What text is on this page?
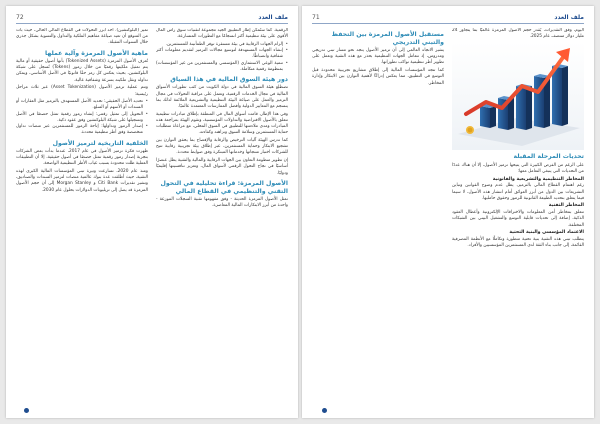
ملف العدد
72

الرقمية. كما ستُمكّن إطار التطبيق الجيد مجموعة لتقنيات سوق رأس المال الأقوى على بيئة تنظيمية أكثر انسجامًا مع التطورات المتسارعة.

• إلزام الجهات الرقابية في بيئة مستقرة توفر الطمأنينة للمستثمرين.
• إنشاء الجهات المستهدفة لتوسيع مجالات الترميز لتقديم معلومات أكثر شفافية وانضباطًا.
• تنمية الوعي الاستثماري (المؤسسي والمستثمرين من غير المؤسسات) بمنظومة رقمية متكاملة.
دور هيئة السوق المالية في هذا السياق

تضطلع هيئة السوق المالية في دولة الكويت من كثب تطورات الأسواق المالية في مجال الخدمات الرقمية، وتعمل على مراقبة التحولات في مجال الترميز والعمل على صياغة البيئة التنظيمية والتشريعية الملائمة لذلك بما ينسجم مع المعايير الدولية وأفضل الممارسات المعتمدة عالميًا.

وفي هذا الإطار، قامت أسواق المال في المنطقة بإطلاق مبادرات تنظيمية تتعلق بالأصول الافتراضية والتداولات المؤسسية، وتقوم الهيئة بمراجعة هذه المبادرات ومدى ملاءمتها للتطبيق في السوق المحلي، مع مراعاة متطلبات حماية المستثمرين وسلامة السوق ونزاهته وكفاءته.

كما تدرس الهيئة آليات الترخيص والرقابة والإفصاح بما يحقق التوازن بين تشجيع الابتكار وحماية المستثمرين، عبر إطلاق بيئة تجريبية رقابية تتيح للشركات اختبار منتجاتها وخدماتها المبتكرة وفق ضوابط محددة.

إن تطوير منظومة التعاون بين الجهات الرقابية والمالية والتقنية يظل عنصرًا أساسيًا في نجاح التحول الرقمي لأسواق المال، وتعزيز تنافسيتها إقليميًا ودوليًا.

الأصول المرمزة: قراءة تحليلية في التحول التقني والتنظيمي في القطاع المالي

تمثل الأصول المرمزة الحديثة - وفق مفهومها تقنية السجلات الموزعة - واحدة من أبرز الابتكارات المالية المعاصرة.

تميز (البلوكتشين). أحد أبرز التحولات في القطاع المالي الحالي، حيث بات من المتوقع أن تعيد صياغة مفاهيم الملكية والتداول والتسوية بشكل جذري خلال السنوات المقبلة.

ماهية الأصول المرمزة وآلية عملها

تُعرف الأصول المرمزة (Tokenized Assets) بأنها أصول حقيقية أو مالية يتم تمثيل ملكيتها رقميًا من خلال رموز (Tokens) تُسجل على شبكة البلوكتشين، بحيث يعكس كل رمز حقًا قانونيًا في الأصل الأساسي، ويمكن تداوله ونقل ملكيته بسرعة وشفافية عالية.

وتتم عملية ترميز الأصول (Asset Tokenization) عبر ثلاث مراحل رئيسية:

• تحديد الأصل الحقيقي: تحديد الأصل المستهدف بالترميز مثل العقارات أو السندات أو الأسهم أو السلع.
• التحويل إلى تمثيل رقمي: إنشاء رموز رقمية تمثل حصصًا في الأصل وتسجيلها على شبكة البلوكتشين وفق عقود ذكية.
• إصدار الرموز وتداولها: إتاحة الرموز للمستثمرين عبر منصات تداول متخصصة وفق أطر تنظيمية محددة.
الخلفية التاريخية لترميز الأصول

ظهرت فكرة ترميز الأصول في عام 2017، عندما بدأت بعض الشركات بتجربة إصدار رموز رقمية تمثل حصصًا في أصول حقيقية، إلا أن التطبيقات العملية ظلت محدودة بسبب غياب الأطر التنظيمية الواضحة.

ومنذ عام 2020، تسارعت وتيرة تبني المؤسسات المالية الكبرى لهذه التقنية، حيث أطلقت عدة بنوك عالمية منصات لترميز السندات والصناديق، وتشير تقديرات Citi Bank و Morgan Stanley إلى أن حجم الأصول المرمزة قد يصل إلى تريليونات الدولارات بحلول عام 2030.

ملف العدد
71

اليوم، وفق التقديرات، يُقدر حجم الأصول المرمزة عالميًا بما يتجاوز 24 مليار دولار منتصف عام 2025.

تحديات المرحلة المقبلة

على الرغم من الفرص الكبيرة التي يتيحها ترميز الأصول، إلا أن هناك عددًا من التحديات التي ينبغي التعامل معها:

المخاطر التنظيمية والتشريعية والقانونية

رغم اهتمام القطاع المالي بالترميز، يظل عدم وضوح القوانين وتباين التشريعات بين الدول من أبرز العوائق أمام انتشار هذه الأصول، لا سيما فيما يتعلق بتحديد الطبيعة القانونية للرموز وحقوق حامليها.

المخاطر التقنية

تتعلق بمخاطر أمن المعلومات والاختراقات الإلكترونية وأعطال العقود الذكية، إضافة إلى تحديات قابلية التوسع والتشغيل البيني بين الشبكات المختلفة.

الاعتماد المؤسسي والبنية التحتية

يتطلب تبني هذه التقنية بنية تحتية متطورة وتكاملًا مع الأنظمة المصرفية القائمة، إلى جانب بناء الثقة لدى المستثمرين المؤسسيين والأفراد.

مستقبل الأصول المرمزة بين التحفظ والتبني التدريجي

يشير الاتجاه العالمي إلى أن ترميز الأصول يتجه نحو مسار تبني تدريجي ومدروس، إذ تتعامل الجهات التنظيمية بحذر مع هذه التقنية وتعمل على تطوير أطر تنظيمية تواكب تطوراتها.

كما تتجه المؤسسات المالية إلى إطلاق مشاريع تجريبية محدودة قبل التوسع في التطبيق، مما يعكس إدراكًا لأهمية التوازن بين الابتكار وإدارة المخاطر.
